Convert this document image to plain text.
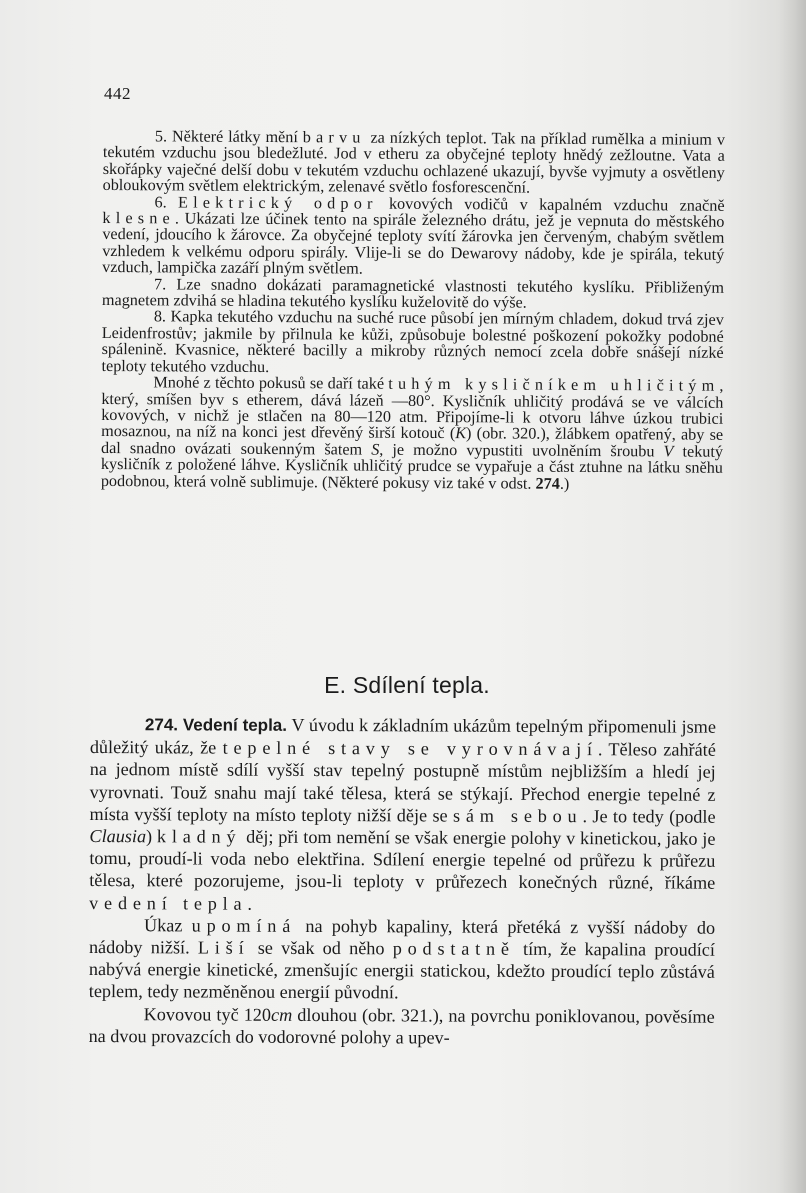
442

5. Některé látky mění barvu za nízkých teplot. Tak na příklad rumělka a minium v tekutém vzduchu jsou bledežluté. Jod v etheru za obyčejné teploty hnědý zežloutne. Vata a skořápky vaječné delší dobu v tekutém vzduchu ochlazené ukazují, byvše vyjmuty a osvětleny obloukovým světlem elektrickým, zelenavé světlo fosforescenční.

6. Elektrický odpor kovových vodičů v kapalném vzduchu značně klesne. Ukázati lze účinek tento na spirále železného drátu, jež je vepnuta do městského vedení, jdoucího k žárovce. Za obyčejné teploty svítí žárovka jen červeným, chabým světlem vzhledem k velkému odporu spirály. Vlije-li se do Dewarovy nádoby, kde je spirála, tekutý vzduch, lampička zazáří plným světlem.

7. Lze snadno dokázati paramagnetické vlastnosti tekutého kyslíku. Přibliženým magnetem zdvihá se hladina tekutého kyslíku kuželovitě do výše.

8. Kapka tekutého vzduchu na suché ruce působí jen mírným chladem, dokud trvá zjev Leidenfrostův; jakmile by přilnula ke kůži, způsobuje bolestné poškození pokožky podobné spálenině. Kvasnice, některé bacilly a mikroby různých nemocí zcela dobře snášejí nízké teploty tekutého vzduchu.

Mnohé z těchto pokusů se daří také tuhým kysličníkem uhličitým, který, smíšen byv s etherem, dává lázeň —80°. Kysličník uhličitý prodává se ve válcích kovových, v nichž je stlačen na 80—120 atm. Připojíme-li k otvoru láhve úzkou trubici mosaznou, na níž na konci jest dřevěný širší kotouč (K) (obr. 320.), žlábkem opatřený, aby se dal snadno ovázati soukenným šatem S, je možno vypustiti uvolněním šroubu V tekutý kysličník z položené láhve. Kysličník uhličitý prudce se vypařuje a část ztuhne na látku sněhu podobnou, která volně sublimuje. (Některé pokusy viz také v odst. 274.)

E. Sdílení tepla.

274. Vedení tepla. V úvodu k základním ukázům tepelným připomenuli jsme důležitý ukáz, že tepelné stavy se vyrovnávají. Těleso zahřáté na jednom místě sdílí vyšší stav tepelný postupně místům nejbližším a hledí jej vyrovnati. Touž snahu mají také tělesa, která se stýkají. Přechod energie tepelné z místa vyšší teploty na místo teploty nižší děje se sám sebou. Je to tedy (podle Clausia) kladný děj; při tom nemění se však energie polohy v kinetickou, jako je tomu, proudí-li voda nebo elektřina. Sdílení energie tepelné od průřezu k průřezu tělesa, které pozorujeme, jsou-li teploty v průřezech konečných různé, říkáme vedení tepla.

Úkaz upomíná na pohyb kapaliny, která přetéká z vyšší nádoby do nádoby nižší. Liší se však od něho podstatně tím, že kapalina proudící nabývá energie kinetické, zmenšujíc energii statickou, kdežto proudící teplo zůstává teplem, tedy nezměněnou energií původní.

Kovovou tyč 120cm dlouhou (obr. 321.), na povrchu poniklovanou, pověsíme na dvou provazcích do vodorovné polohy a upev-
